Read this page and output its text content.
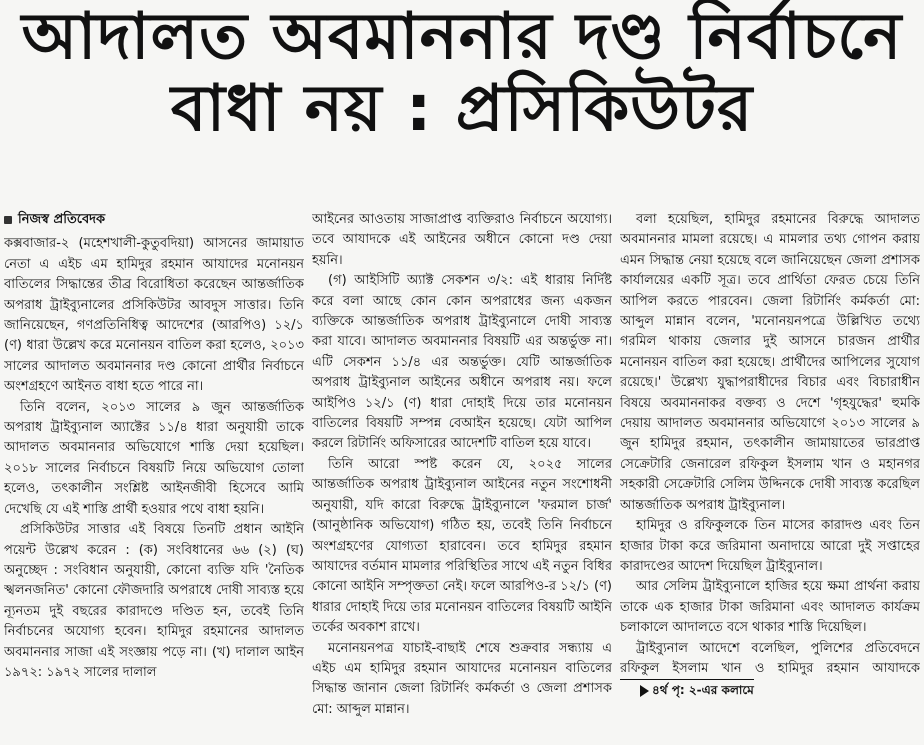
আদালত অবমাননার দণ্ড নির্বাচনে
বাধা নয় : প্রসিকিউটর
নিজস্ব প্রতিবেদক

কক্সবাজার-২ (মহেশখালী-কুতুবদিয়া) আসনের জামায়াত নেতা এ এইচ এম হামিদুর রহমান আযাদের মনোনয়ন বাতিলের সিদ্ধান্তের তীব্র বিরোধিতা করেছেন আন্তর্জাতিক অপরাধ ট্রাইব্যুনালের প্রসিকিউটর আবদুস সাত্তার। তিনি জানিয়েছেন, গণপ্রতিনিধিত্ব আদেশের (আরপিও) ১২/১ (ণ) ধারা উল্লেখ করে মনোনয়ন বাতিল করা হলেও, ২০১৩ সালের আদালত অবমাননার দণ্ড কোনো প্রার্থীর নির্বাচনে অংশগ্রহণে আইনত বাধা হতে পারে না।

তিনি বলেন, ২০১৩ সালের ৯ জুন আন্তর্জাতিক অপরাধ ট্রাইব্যুনাল অ্যাক্টের ১১/৪ ধারা অনুযায়ী তাকে আদালত অবমাননার অভিযোগে শাস্তি দেয়া হয়েছিল। ২০১৮ সালের নির্বাচনে বিষয়টি নিয়ে অভিযোগ তোলা হলেও, তৎকালীন সংশ্লিষ্ট আইনজীবী হিসেবে আমি দেখেছি যে এই শাস্তি প্রার্থী হওয়ার পথে বাধা হয়নি।

প্রসিকিউটর সাত্তার এই বিষয়ে তিনটি প্রধান আইনি পয়েন্ট উল্লেখ করেন : (ক) সংবিধানের ৬৬ (২) (ঘ) অনুচ্ছেদ : সংবিধান অনুযায়ী, কোনো ব্যক্তি যদি 'নৈতিক স্খলনজনিত' কোনো ফৌজদারি অপরাধে দোষী সাব্যস্ত হয়ে ন্যূনতম দুই বছরের কারাদণ্ডে দণ্ডিত হন, তবেই তিনি নির্বাচনের অযোগ্য হবেন। হামিদুর রহমানের আদালত অবমাননার সাজা এই সংজ্ঞায় পড়ে না। (খ) দালাল আইন ১৯৭২: ১৯৭২ সালের দালাল

আইনের আওতায় সাজাপ্রাপ্ত ব্যক্তিরাও নির্বাচনে অযোগ্য। তবে আযাদকে এই আইনের অধীনে কোনো দণ্ড দেয়া হয়নি।

(গ) আইসিটি অ্যাক্ট সেকশন ৩/২: এই ধারায় নির্দিষ্ট করে বলা আছে কোন কোন অপরাধের জন্য একজন ব্যক্তিকে আন্তর্জাতিক অপরাধ ট্রাইব্যুনালে দোষী সাব্যস্ত করা যাবে। আদালত অবমাননার বিষয়টি এর অন্তর্ভুক্ত না। এটি সেকশন ১১/৪ এর অন্তর্ভুক্ত। যেটি আন্তর্জাতিক অপরাধ ট্রাইব্যুনাল আইনের অধীনে অপরাধ নয়। ফলে আইপিও ১২/১ (ণ) ধারা দোহাই দিয়ে তার মনোনয়ন বাতিলের বিষয়টি সম্পন্ন বেআইন হয়েছে। যেটা আপিল করলে রিটার্নিং অফিসারের আদেশটি বাতিল হয়ে যাবে।

তিনি আরো স্পষ্ট করেন যে, ২০২৫ সালের আন্তর্জাতিক অপরাধ ট্রাইব্যুনাল আইনের নতুন সংশোধনী অনুযায়ী, যদি কারো বিরুদ্ধে ট্রাইব্যুনালে 'ফরমাল চার্জ' (আনুষ্ঠানিক অভিযোগ) গঠিত হয়, তবেই তিনি নির্বাচনে অংশগ্রহণের যোগ্যতা হারাবেন। তবে হামিদুর রহমান আযাদের বর্তমান মামলার পরিস্থিতির সাথে এই নতুন বিধির কোনো আইনি সম্পৃক্ততা নেই। ফলে আরপিও-র ১২/১ (ণ) ধারার দোহাই দিয়ে তার মনোনয়ন বাতিলের বিষয়টি আইনি তর্কের অবকাশ রাখে।

মনোনয়নপত্র যাচাই-বাছাই শেষে শুক্রবার সন্ধ্যায় এ এইচ এম হামিদুর রহমান আযাদের মনোনয়ন বাতিলের সিদ্ধান্ত জানান জেলা রিটার্নিং কর্মকর্তা ও জেলা প্রশাসক মো: আব্দুল মান্নান।

বলা হয়েছিল, হামিদুর রহমানের বিরুদ্ধে আদালত অবমাননার মামলা রয়েছে। এ মামলার তথ্য গোপন করায় এমন সিদ্ধান্ত নেয়া হয়েছে বলে জানিয়েছেন জেলা প্রশাসক কার্যালয়ের একটি সূত্র। তবে প্রার্থিতা ফেরত চেয়ে তিনি আপিল করতে পারবেন। জেলা রিটার্নিং কর্মকর্তা মো: আব্দুল মান্নান বলেন, 'মনোনয়নপত্রে উল্লিখিত তথ্যে গরমিল থাকায় জেলার দুই আসনে চারজন প্রার্থীর মনোনয়ন বাতিল করা হয়েছে। প্রার্থীদের আপিলের সুযোগ রয়েছে।' উল্লেখ্য যুদ্ধাপরাধীদের বিচার এবং বিচারাধীন বিষয়ে অবমাননাকর বক্তব্য ও দেশে 'গৃহযুদ্ধের' হুমকি দেয়ায় আদালত অবমাননার অভিযোগে ২০১৩ সালের ৯ জুন হামিদুর রহমান, তৎকালীন জামায়াতের ভারপ্রাপ্ত সেক্রেটারি জেনারেল রফিকুল ইসলাম খান ও মহানগর সহকারী সেক্রেটারি সেলিম উদ্দিনকে দোষী সাব্যস্ত করেছিল আন্তর্জাতিক অপরাধ ট্রাইব্যুনাল।

হামিদুর ও রফিকুলকে তিন মাসের কারাদণ্ড এবং তিন হাজার টাকা করে জরিমানা অনাদায়ে আরো দুই সপ্তাহের কারাদণ্ডের আদেশ দিয়েছিল ট্রাইব্যুনাল।

আর সেলিম ট্রাইব্যুনালে হাজির হয়ে ক্ষমা প্রার্থনা করায় তাকে এক হাজার টাকা জরিমানা এবং আদালত কার্যক্রম চলাকালে আদালতে বসে থাকার শাস্তি দিয়েছিল।

ট্রাইব্যুনাল আদেশে বলেছিল, পুলিশের প্রতিবেদনে রফিকুল ইসলাম খান ও হামিদুর রহমান আযাদকে ৪র্থ পৃ: ২-এর কলামে
